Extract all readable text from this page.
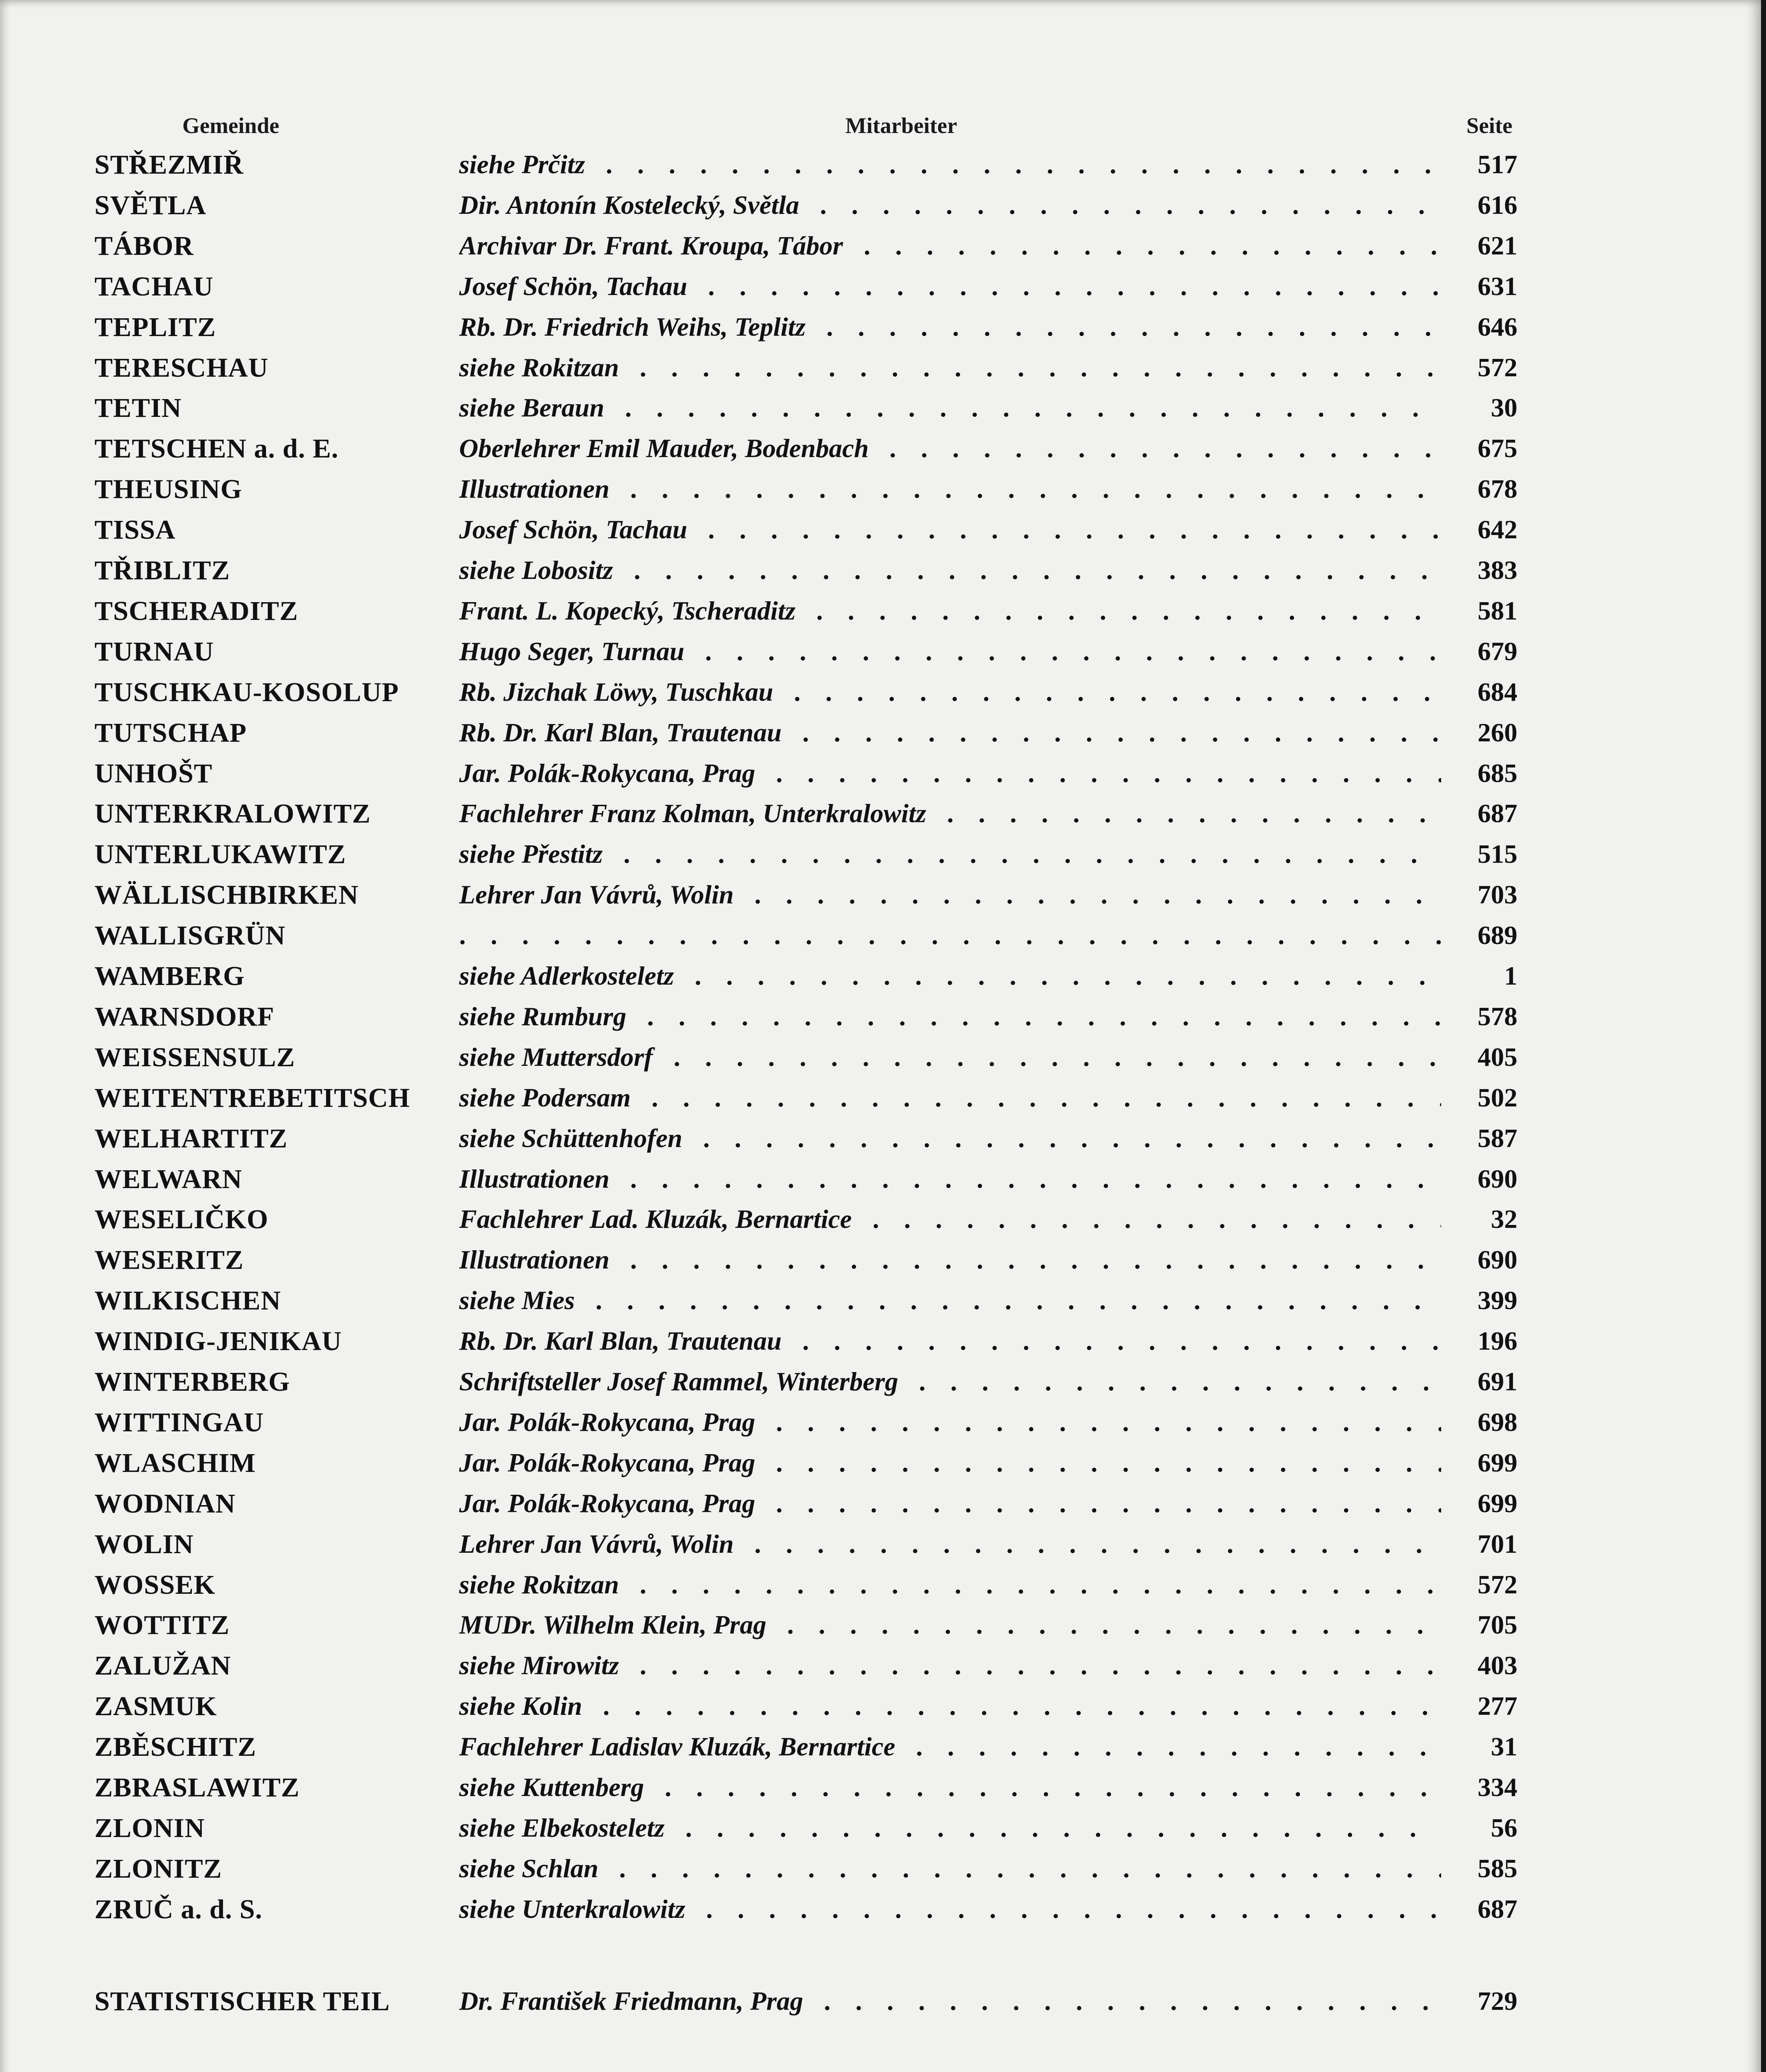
Gemeinde	Mitarbeiter	Seite
STŘEZMIŘ	siehe Prčitz . . .	517
SVĚTLA	Dir. Antonín Kostelecký, Světla . . .	616
TÁBOR	Archivar Dr. Frant. Kroupa, Tábor . . .	621
TACHAU	Josef Schön, Tachau . . .	631
TEPLITZ	Rb. Dr. Friedrich Weihs, Teplitz . . .	646
TERESCHAU	siehe Rokitzan . . .	572
TETIN	siehe Beraun . . .	30
TETSCHEN a. d. E.	Oberlehrer Emil Mauder, Bodenbach . . .	675
THEUSING	Illustrationen . . .	678
TISSA	Josef Schön, Tachau . . .	642
TŘIBLITZ	siehe Lobositz . . .	383
TSCHERADITZ	Frant. L. Kopecký, Tscheraditz . . .	581
TURNAU	Hugo Seger, Turnau . . .	679
TUSCHKAU-KOSOLUP Rb. Jizchak Löwy, Tuschkau . . .	684
TUTSCHAP	Rb. Dr. Karl Blan, Trautenau . . .	260
UNHOŠT	Jar. Polák-Rokycana, Prag . . .	685
UNTERKRALOWITZ	Fachlehrer Franz Kolman, Unterkralowitz . . .	687
UNTERLUKAWITZ	siehe Přestitz . . .	515
WÄLLISCHBIRKEN	Lehrer Jan Vávrů, Wolin . . .	703
WALLISGRÜN . . .	689
WAMBERG	siehe Adlerkosteletz . . .	1
WARNSDORF	siehe Rumburg . . .	578
WEISSENSULZ	siehe Muttersdorf . . .	405
WEITENTREBETITSCH siehe Podersam . . .	502
WELHARTITZ	siehe Schüttenhofen . . .	587
WELWARN	Illustrationen . . .	690
WESELIČKO	Fachlehrer Lad. Kluzák, Bernartice . . .	32
WESERITZ	Illustrationen . . .	690
WILKISCHEN	siehe Mies . . .	399
WINDIG-JENIKAU	Rb. Dr. Karl Blan, Trautenau . . .	196
WINTERBERG	Schriftsteller Josef Rammel, Winterberg . . .	691
WITTINGAU	Jar. Polák-Rokycana, Prag . . .	698
WLASCHIM	Jar. Polák-Rokycana, Prag . . .	699
WODNIAN	Jar. Polák-Rokycana, Prag . . .	699
WOLIN	Lehrer Jan Vávrů, Wolin . . .	701
WOSSEK	siehe Rokitzan . . .	572
WOTTITZ	MUDr. Wilhelm Klein, Prag . . .	705
ZALUŽAN	siehe Mirowitz . . .	403
ZASMUK	siehe Kolin . . .	277
ZBĚSCHITZ	Fachlehrer Ladislav Kluzák, Bernartice . . .	31
ZBRASLAWITZ	siehe Kuttenberg . . .	334
ZLONIN	siehe Elbekosteletz . . .	56
ZLONITZ	siehe Schlan . . .	585
ZRUČ a. d. S.	siehe Unterkralowitz . . .	687
STATISTISCHER TEIL	Dr. František Friedmann, Prag . . .	729
